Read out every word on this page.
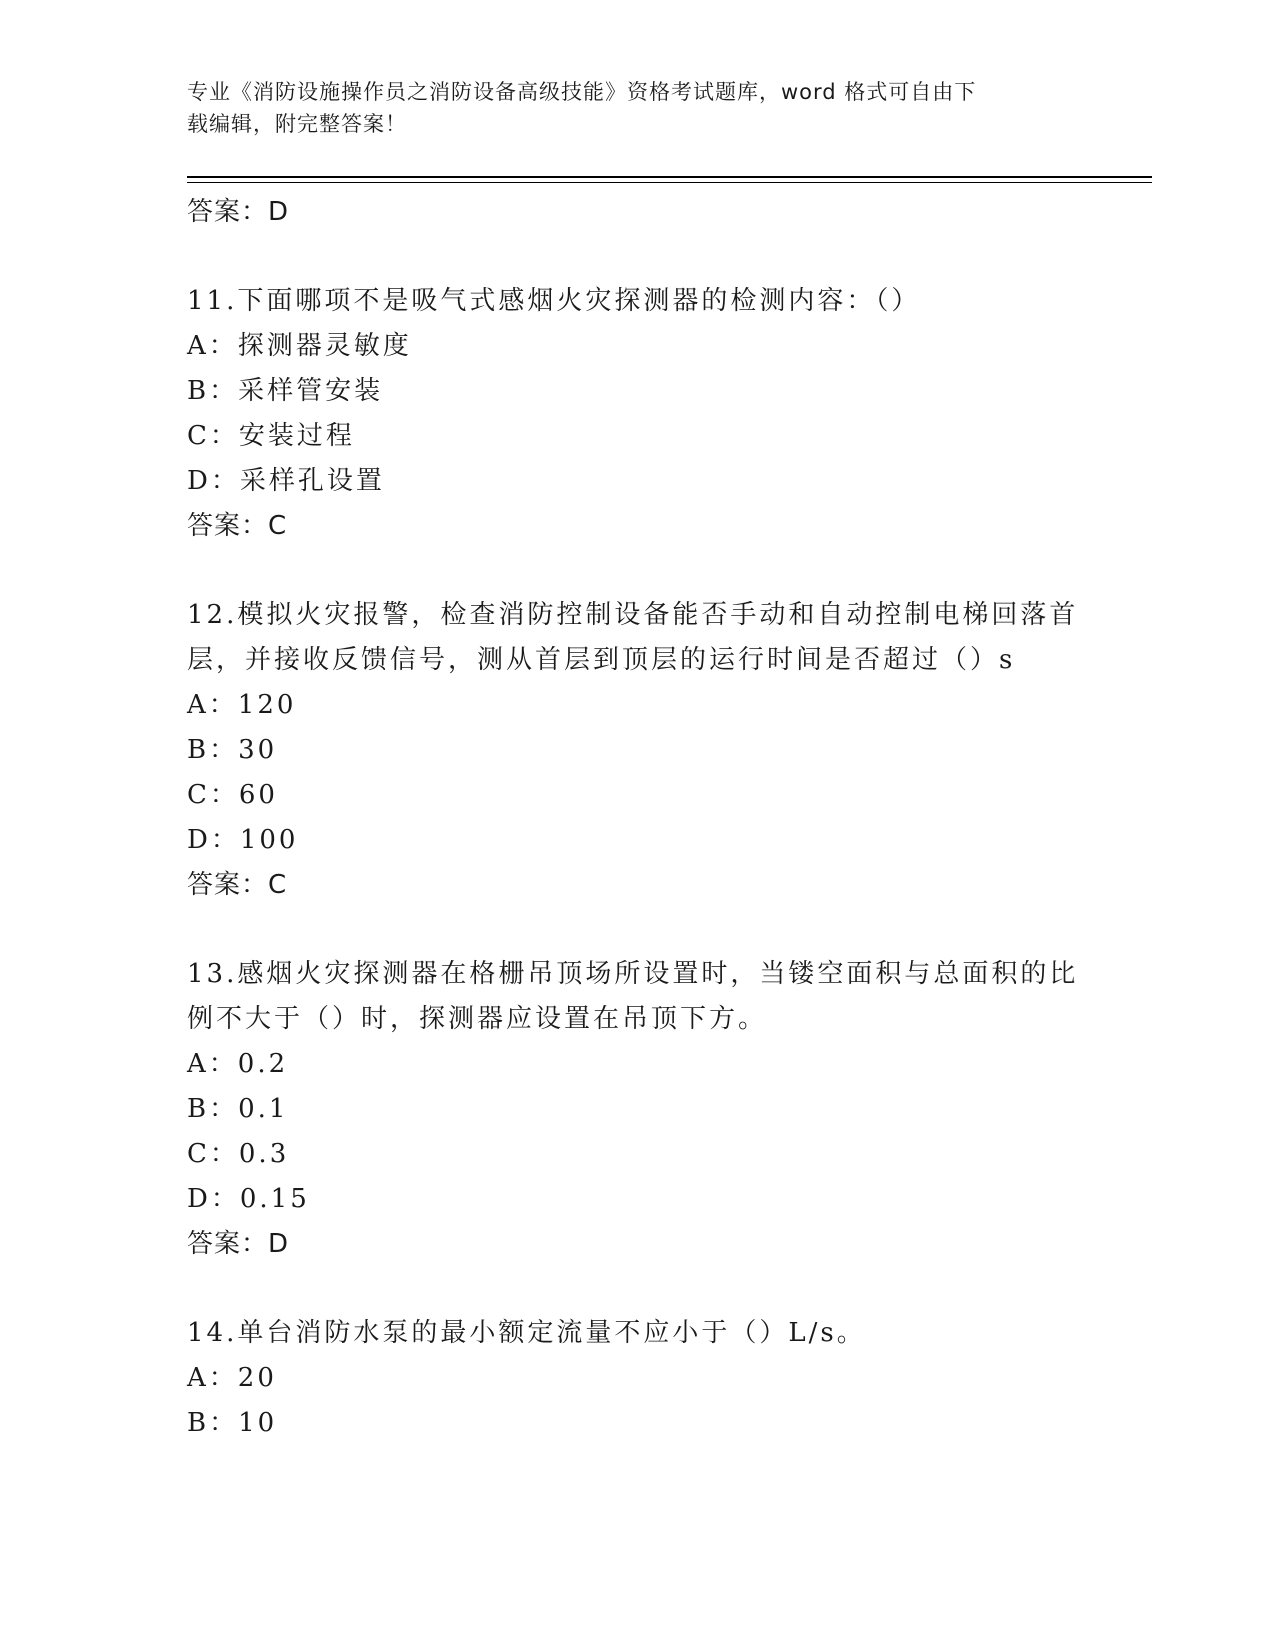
专业《消防设施操作员之消防设备高级技能》资格考试题库，word 格式可自由下
载编辑，附完整答案！
答案：D
11.下面哪项不是吸气式感烟火灾探测器的检测内容：（）
A：探测器灵敏度
B：采样管安装
C：安装过程
D：采样孔设置
答案：C
12.模拟火灾报警，检查消防控制设备能否手动和自动控制电梯回落首
层，并接收反馈信号，测从首层到顶层的运行时间是否超过（）s
A：120
B：30
C：60
D：100
答案：C
13.感烟火灾探测器在格栅吊顶场所设置时，当镂空面积与总面积的比
例不大于（）时，探测器应设置在吊顶下方。
A：0.2
B：0.1
C：0.3
D：0.15
答案：D
14.单台消防水泵的最小额定流量不应小于（）L/s。
A：20
B：10
